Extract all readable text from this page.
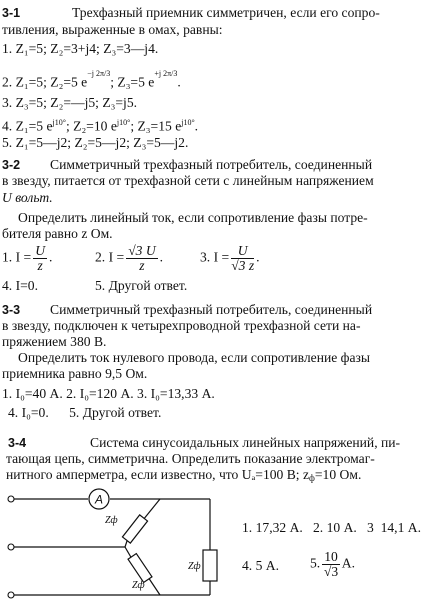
3-1	Трехфазный приемник симметричен, если его сопро-
тивления, выраженные в омах, равны:
1. Z₁=5; Z₂=3+j4; Z₃=3—j4.
2. Z₁=5; Z₂=5 $e^{-j 2\pi/3}$; Z₃=5 $e^{+j 2\pi/3}$.
3. Z₃=5; Z₂=—j5; Z₃=j5.
4. Z₁=5 $e^{j10^\circ}$; Z₂=10 $e^{j10^\circ}$; Z₃=15 $e^{j10^\circ}$.
5. Z₁=5—j2; Z₂=5—j2; Z₃=5—j2.
3-2 Симметричный трехфазный потребитель, соединенный
в звезду, питается от трехфазной сети с линейным напряжением
U вольт.
Определить линейный ток, если сопротивление фазы потре-
бителя равно z Ом.
1. $I = \frac{U}{z}$ .	2. $I = \frac{√3 U}{z}$ .	3. $I = \frac{U}{√3 z}$ .
4. I=0.	5. Другой ответ.
3-3 Симметричный трехфазный потребитель, соединенный
в звезду, подключен к четырехпроводной трехфазной сети на-
пряжением 380 В.
Определить ток нулевого провода, если сопротивление фазы
приемника равно 9,5 Ом.
1. I₀=40 А. 2. I₀=120 А. 3. I₀=13,33 А.
4. I₀=0.      5. Другой ответ.
3-4	Система синусоидальных линейных напряжений, пи-
тающая цепь, симметрична. Определить показание электромаг-
нитного амперметра, если известно, что Uₐ=100 В; $z_ф=10$ Ом.
A
Zф
Zф
Zф
1. 17,32 А.   2. 10 А.   3  14,1 А.
4. 5 А. 5. $\frac{10}{√3} А$.
